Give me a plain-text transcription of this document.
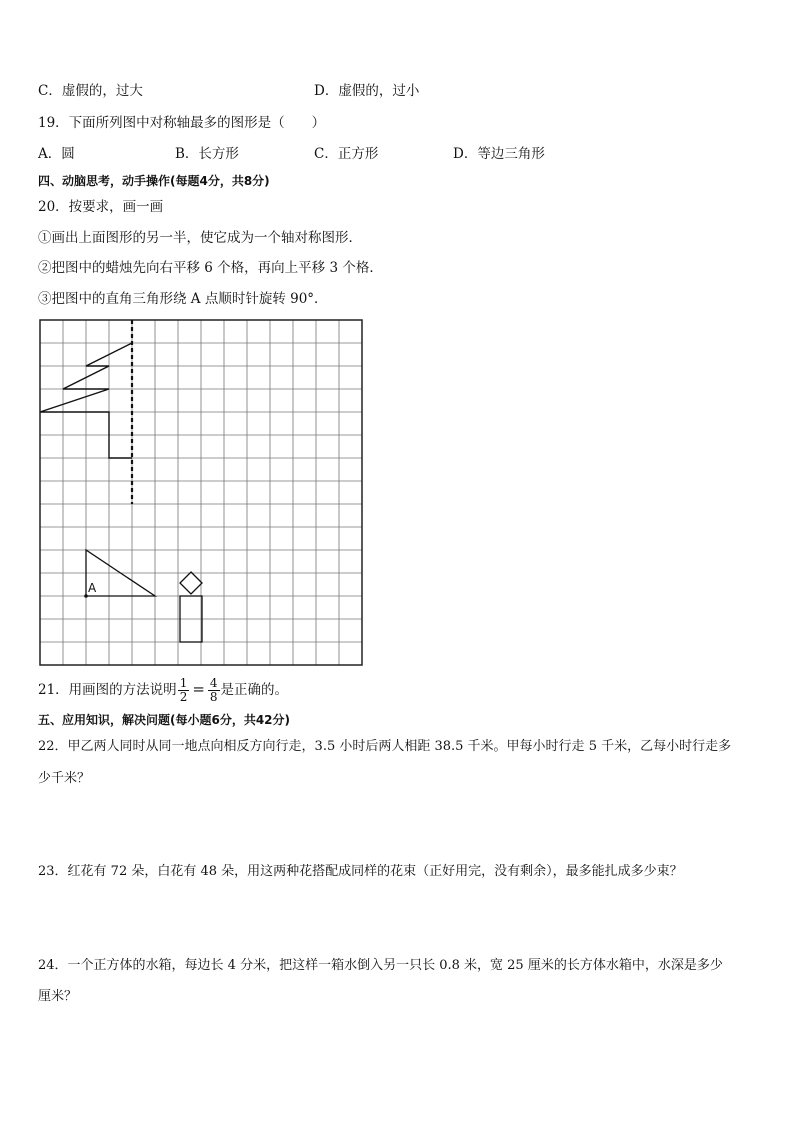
C．虚假的，过大	D．虚假的，过小
19．下面所列图中对称轴最多的图形是（　　）
A．圆	B．长方形	C．正方形	D．等边三角形
四、动脑思考，动手操作(每题4分，共8分)
20．按要求，画一画
①画出上面图形的另一半，使它成为一个轴对称图形．
②把图中的蜡烛先向右平移 6 个格，再向上平移 3 个格．
③把图中的直角三角形绕 A 点顺时针旋转 90°．
A
21．用画图的方法说明 $\frac{1}{2} = \frac{4}{8}$ 是正确的。
五、应用知识，解决问题(每小题6分，共42分)
22．甲乙两人同时从同一地点向相反方向行走，3.5 小时后两人相距 38.5 千米。甲每小时行走 5 千米，乙每小时行走多
少千米？
23．红花有 72 朵，白花有 48 朵，用这两种花搭配成同样的花束（正好用完，没有剩余），最多能扎成多少束？
24．一个正方体的水箱，每边长 4 分米，把这样一箱水倒入另一只长 0.8 米，宽 25 厘米的长方体水箱中，水深是多少
厘米？
